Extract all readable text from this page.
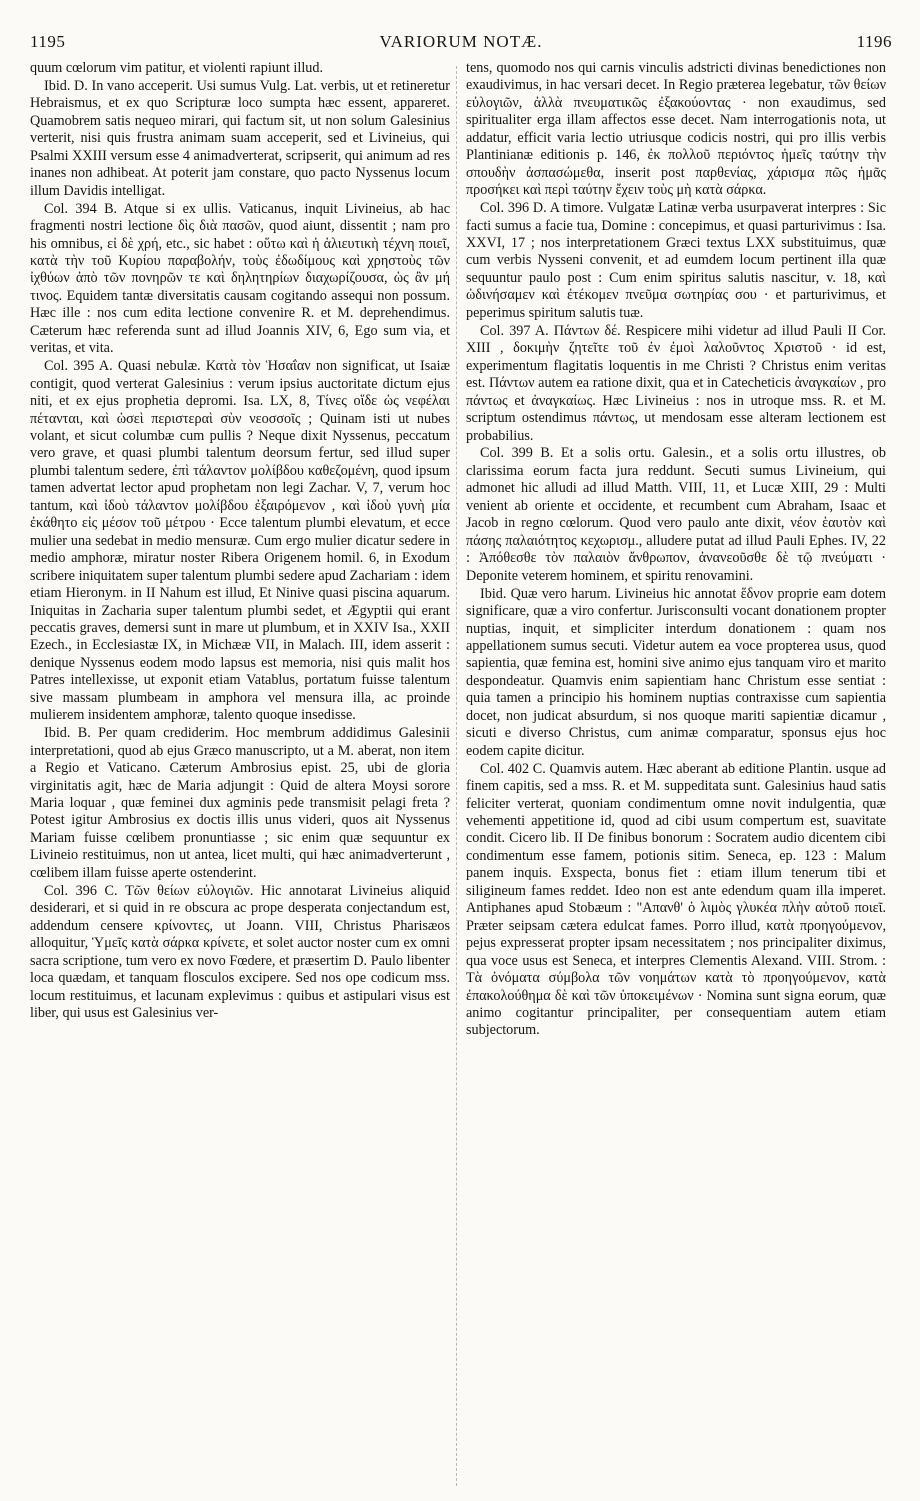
1195	VARIORUM NOTÆ.	1196

quum cœlorum vim patitur, et violenti rapiunt illud.

Ibid. D. In vano acceperit. Usi sumus Vulg. Lat. verbis, ut et retineretur Hebraismus, et ex quo Scripturæ loco sumpta hæc essent, appareret. Quamobrem satis nequeo mirari, qui factum sit, ut non solum Galesinius verterit, nisi quis frustra animam suam acceperit, sed et Livineius, qui Psalmi XXIII versum esse 4 animadverterat, scripserit, qui animum ad res inanes non adhibeat. At poterit jam constare, quo pacto Nyssenus locum illum Davidis intelligat.

Col. 394 B. Atque si ex ullis. Vaticanus, inquit Livineius, ab hac fragmenti nostri lectione δὶς διὰ πασῶν, quod aiunt, dissentit ; nam pro his omnibus, εἰ δὲ χρή, etc., sic habet : οὕτω καὶ ἡ ἁλιευτικὴ τέχνη ποιεῖ, κατὰ τὴν τοῦ Κυρίου παραβολήν, τοὺς ἐδωδίμους καὶ χρηστοὺς τῶν ἰχθύων ἀπὸ τῶν πονηρῶν τε καὶ δηλητηρίων διαχωρίζουσα, ὡς ἂν μή τινος. Equidem tantæ diversitatis causam cogitando assequi non possum. Hæc ille : nos cum edita lectione convenire R. et M. deprehendimus. Cæterum hæc referenda sunt ad illud Joannis XIV, 6, Ego sum via, et veritas, et vita.

Col. 395 A. Quasi nebulæ. Κατὰ τὸν Ἡσαΐαν non significat, ut Isaiæ contigit, quod verterat Galesinius : verum ipsius auctoritate dictum ejus niti, et ex ejus prophetia depromi. Isa. LX, 8, Τίνες οἵδε ὡς νεφέλαι πέτανται, καὶ ὡσεὶ περιστεραὶ σὺν νεοσσοῖς ; Quinam isti ut nubes volant, et sicut columbæ cum pullis ? Neque dixit Nyssenus, peccatum vero grave, et quasi plumbi talentum deorsum fertur, sed illud super plumbi talentum sedere, ἐπὶ τάλαντον μολίβδου καθεζομένη, quod ipsum tamen advertat lector apud prophetam non legi Zachar. V, 7, verum hoc tantum, καὶ ἰδοὺ τάλαντον μολίβδου ἐξαιρόμενον , καὶ ἰδοὺ γυνὴ μία ἐκάθητο εἰς μέσον τοῦ μέτρου · Ecce talentum plumbi elevatum, et ecce mulier una sedebat in medio mensuræ. Cum ergo mulier dicatur sedere in medio amphoræ, miratur noster Ribera Origenem homil. 6, in Exodum scribere iniquitatem super talentum plumbi sedere apud Zachariam : idem etiam Hieronym. in II Nahum est illud, Et Ninive quasi piscina aquarum. Iniquitas in Zacharia super talentum plumbi sedet, et Ægyptii qui erant peccatis graves, demersi sunt in mare ut plumbum, et in XXIV Isa., XXII Ezech., in Ecclesiastæ IX, in Michææ VII, in Malach. III, idem asserit : denique Nyssenus eodem modo lapsus est memoria, nisi quis malit hos Patres intellexisse, ut exponit etiam Vatablus, portatum fuisse talentum sive massam plumbeam in amphora vel mensura illa, ac proinde mulierem insidentem amphoræ, talento quoque insedisse.

Ibid. B. Per quam crediderim. Hoc membrum addidimus Galesinii interpretationi, quod ab ejus Græco manuscripto, ut a M. aberat, non item a Regio et Vaticano. Cæterum Ambrosius epist. 25, ubi de gloria virginitatis agit, hæc de Maria adjungit : Quid de altera Moysi sorore Maria loquar , quæ feminei dux agminis pede transmisit pelagi freta ? Potest igitur Ambrosius ex doctis illis unus videri, quos ait Nyssenus Mariam fuisse cœlibem pronuntiasse ; sic enim quæ sequuntur ex Livineio restituimus, non ut antea, licet multi, qui hæc animadverterunt , cœlibem illam fuisse aperte ostenderint.

Col. 396 C. Τῶν θείων εὐλογιῶν. Hic annotarat Livineius aliquid desiderari, et si quid in re obscura ac prope desperata conjectandum est, addendum censere κρίνοντες, ut Joann. VIII, Christus Pharisæos alloquitur, Ὑμεῖς κατὰ σάρκα κρίνετε, et solet auctor noster cum ex omni sacra scriptione, tum vero ex novo Fœdere, et præsertim D. Paulo libenter loca quædam, et tanquam flosculos excipere. Sed nos ope codicum mss. locum restituimus, et lacunam explevimus : quibus et astipulari visus est liber, qui usus est Galesinius ver-

tens, quomodo nos qui carnis vinculis adstricti divinas benedictiones non exaudivimus, in hac versari decet. In Regio præterea legebatur, τῶν θείων εὐλογιῶν, ἀλλὰ πνευματικῶς ἐξακούοντας · non exaudimus, sed spiritualiter erga illam affectos esse decet. Nam interrogationis nota, ut addatur, efficit varia lectio utriusque codicis nostri, qui pro illis verbis Plantinianæ editionis p. 146, ἐκ πολλοῦ περιόντος ἡμεῖς ταύτην τὴν σπουδὴν ἀσπασώμεθα, inserit post παρθενίας, χάρισμα πῶς ἡμᾶς προσήκει καὶ περὶ ταύτην ἔχειν τοὺς μὴ κατὰ σάρκα.

Col. 396 D. A timore. Vulgatæ Latinæ verba usurpaverat interpres : Sic facti sumus a facie tua, Domine : concepimus, et quasi parturivimus : Isa. XXVI, 17 ; nos interpretationem Græci textus LXX substituimus, quæ cum verbis Nysseni convenit, et ad eumdem locum pertinent illa quæ sequuntur paulo post : Cum enim spiritus salutis nascitur, v. 18, καὶ ὠδινήσαμεν καὶ ἐτέκομεν πνεῦμα σωτηρίας σου · et parturivimus, et peperimus spiritum salutis tuæ.

Col. 397 A. Πάντων δέ. Respicere mihi videtur ad illud Pauli II Cor. XIII , δοκιμὴν ζητεῖτε τοῦ ἐν ἐμοὶ λαλοῦντος Χριστοῦ · id est, experimentum flagitatis loquentis in me Christi ? Christus enim veritas est. Πάντων autem ea ratione dixit, qua et in Catecheticis ἀναγκαίων , pro πάντως et ἀναγκαίως. Hæc Livineius : nos in utroque mss. R. et M. scriptum ostendimus πάντως, ut mendosam esse alteram lectionem est probabilius.

Col. 399 B. Et a solis ortu. Galesin., et a solis ortu illustres, ob clarissima eorum facta jura reddunt. Secuti sumus Livineium, qui admonet hic alludi ad illud Matth. VIII, 11, et Lucæ XIII, 29 : Multi venient ab oriente et occidente, et recumbent cum Abraham, Isaac et Jacob in regno cœlorum. Quod vero paulo ante dixit, νέον ἑαυτὸν καὶ πάσης παλαιότητος κεχωρισμ., alludere putat ad illud Pauli Ephes. IV, 22 : Ἀπόθεσθε τὸν παλαιὸν ἄνθρωπον, ἀνανεοῦσθε δὲ τῷ πνεύματι · Deponite veterem hominem, et spiritu renovamini.

Ibid. Quæ vero harum. Livineius hic annotat ἕδνον proprie eam dotem significare, quæ a viro confertur. Jurisconsulti vocant donationem propter nuptias, inquit, et simpliciter interdum donationem : quam nos appellationem sumus secuti. Videtur autem ea voce propterea usus, quod sapientia, quæ femina est, homini sive animo ejus tanquam viro et marito despondeatur. Quamvis enim sapientiam hanc Christum esse sentiat : quia tamen a principio his hominem nuptias contraxisse cum sapientia docet, non judicat absurdum, si nos quoque mariti sapientiæ dicamur , sicuti e diverso Christus, cum animæ comparatur, sponsus ejus hoc eodem capite dicitur.

Col. 402 C. Quamvis autem. Hæc aberant ab editione Plantin. usque ad finem capitis, sed a mss. R. et M. suppeditata sunt. Galesinius haud satis feliciter verterat, quoniam condimentum omne novit indulgentia, quæ vehementi appetitione id, quod ad cibi usum compertum est, suavitate condit. Cicero lib. II De finibus bonorum : Socratem audio dicentem cibi condimentum esse famem, potionis sitim. Seneca, ep. 123 : Malum panem inquis. Exspecta, bonus fiet : etiam illum tenerum tibi et siligineum fames reddet. Ideo non est ante edendum quam illa imperet. Antiphanes apud Stobæum : "Απανθ' ὁ λιμὸς γλυκέα πλὴν αὑτοῦ ποιεῖ. Præter seipsam cætera edulcat fames. Porro illud, κατὰ προηγούμενον, pejus expresserat propter ipsam necessitatem ; nos principaliter diximus, qua voce usus est Seneca, et interpres Clementis Alexand. VIII. Strom. : Τὰ ὀνόματα σύμβολα τῶν νοημάτων κατὰ τὸ προηγούμενον, κατὰ ἐπακολούθημα δὲ καὶ τῶν ὑποκειμένων · Nomina sunt signa eorum, quæ animo cogitantur principaliter, per consequentiam autem etiam subjectorum.
